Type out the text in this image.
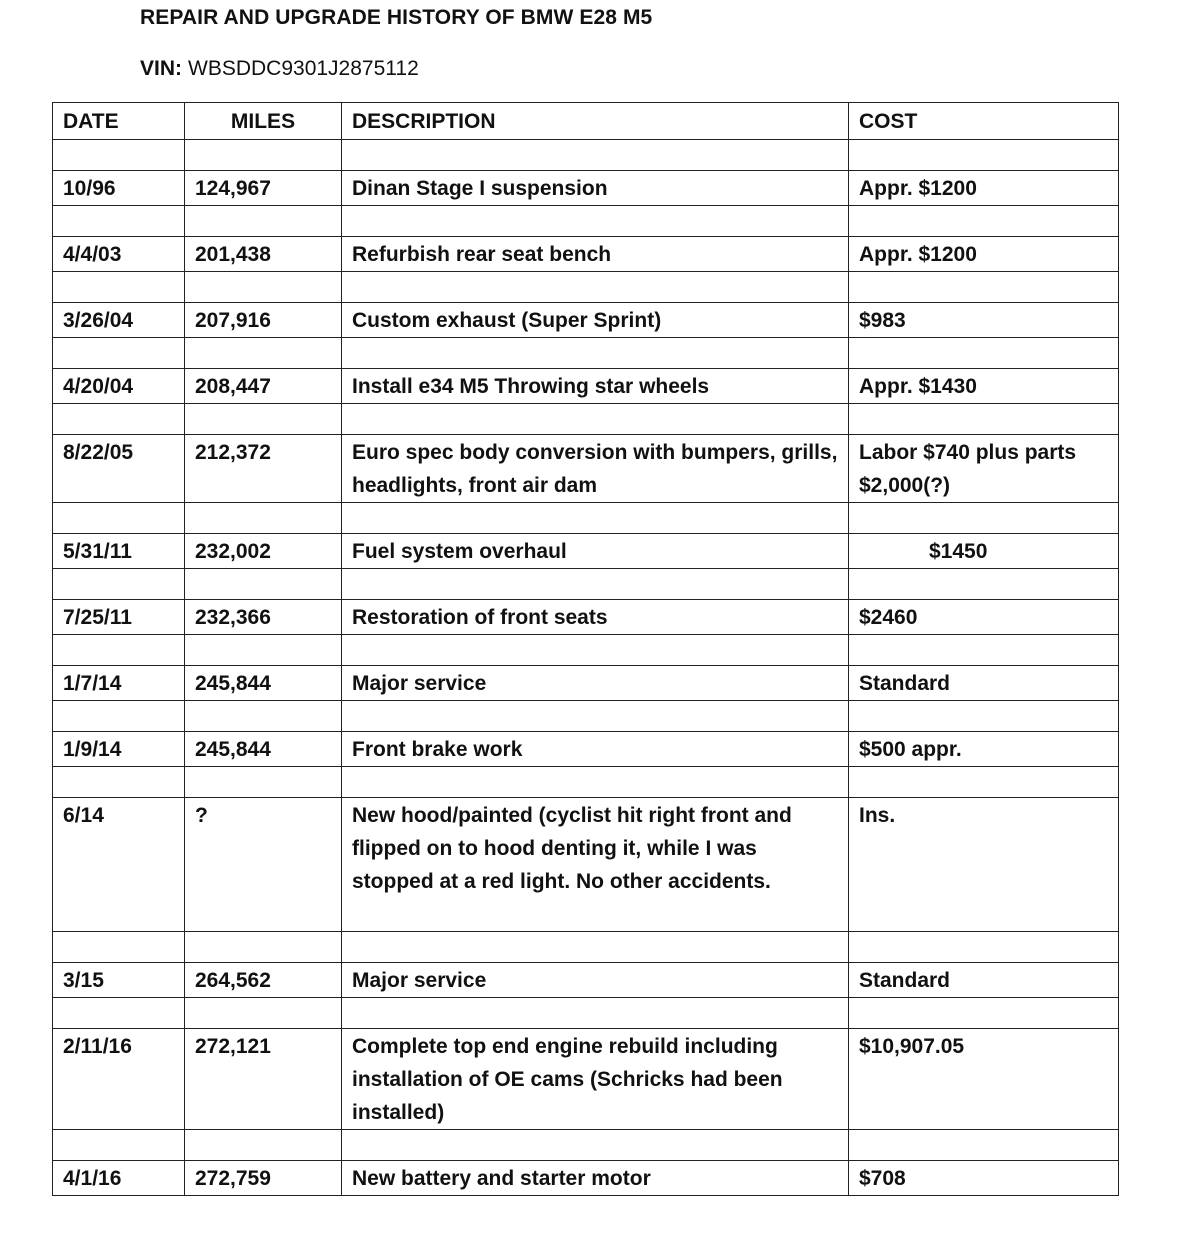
REPAIR AND UPGRADE HISTORY OF BMW E28 M5
VIN: WBSDDC9301J2875112
DATE	MILES	DESCRIPTION	COST

10/96	124,967	Dinan Stage I suspension	Appr. $1200

4/4/03	201,438	Refurbish rear seat bench	Appr. $1200

3/26/04	207,916	Custom exhaust (Super Sprint)	$983

4/20/04	208,447	Install e34 M5 Throwing star wheels	Appr. $1430

8/22/05	212,372	Euro spec body conversion with bumpers, grills, headlights, front air dam	Labor $740 plus parts $2,000(?)

5/31/11	232,002	Fuel system overhaul	$1450

7/25/11	232,366	Restoration of front seats	$2460

1/7/14	245,844	Major service	Standard

1/9/14	245,844	Front brake work	$500 appr.

6/14	?	New hood/painted (cyclist hit right front and flipped on to hood denting it, while I was stopped at a red light. No other accidents.	Ins.

3/15	264,562	Major service	Standard

2/11/16	272,121	Complete top end engine rebuild including installation of OE cams (Schricks had been installed)	$10,907.05

4/1/16	272,759	New battery and starter motor	$708
